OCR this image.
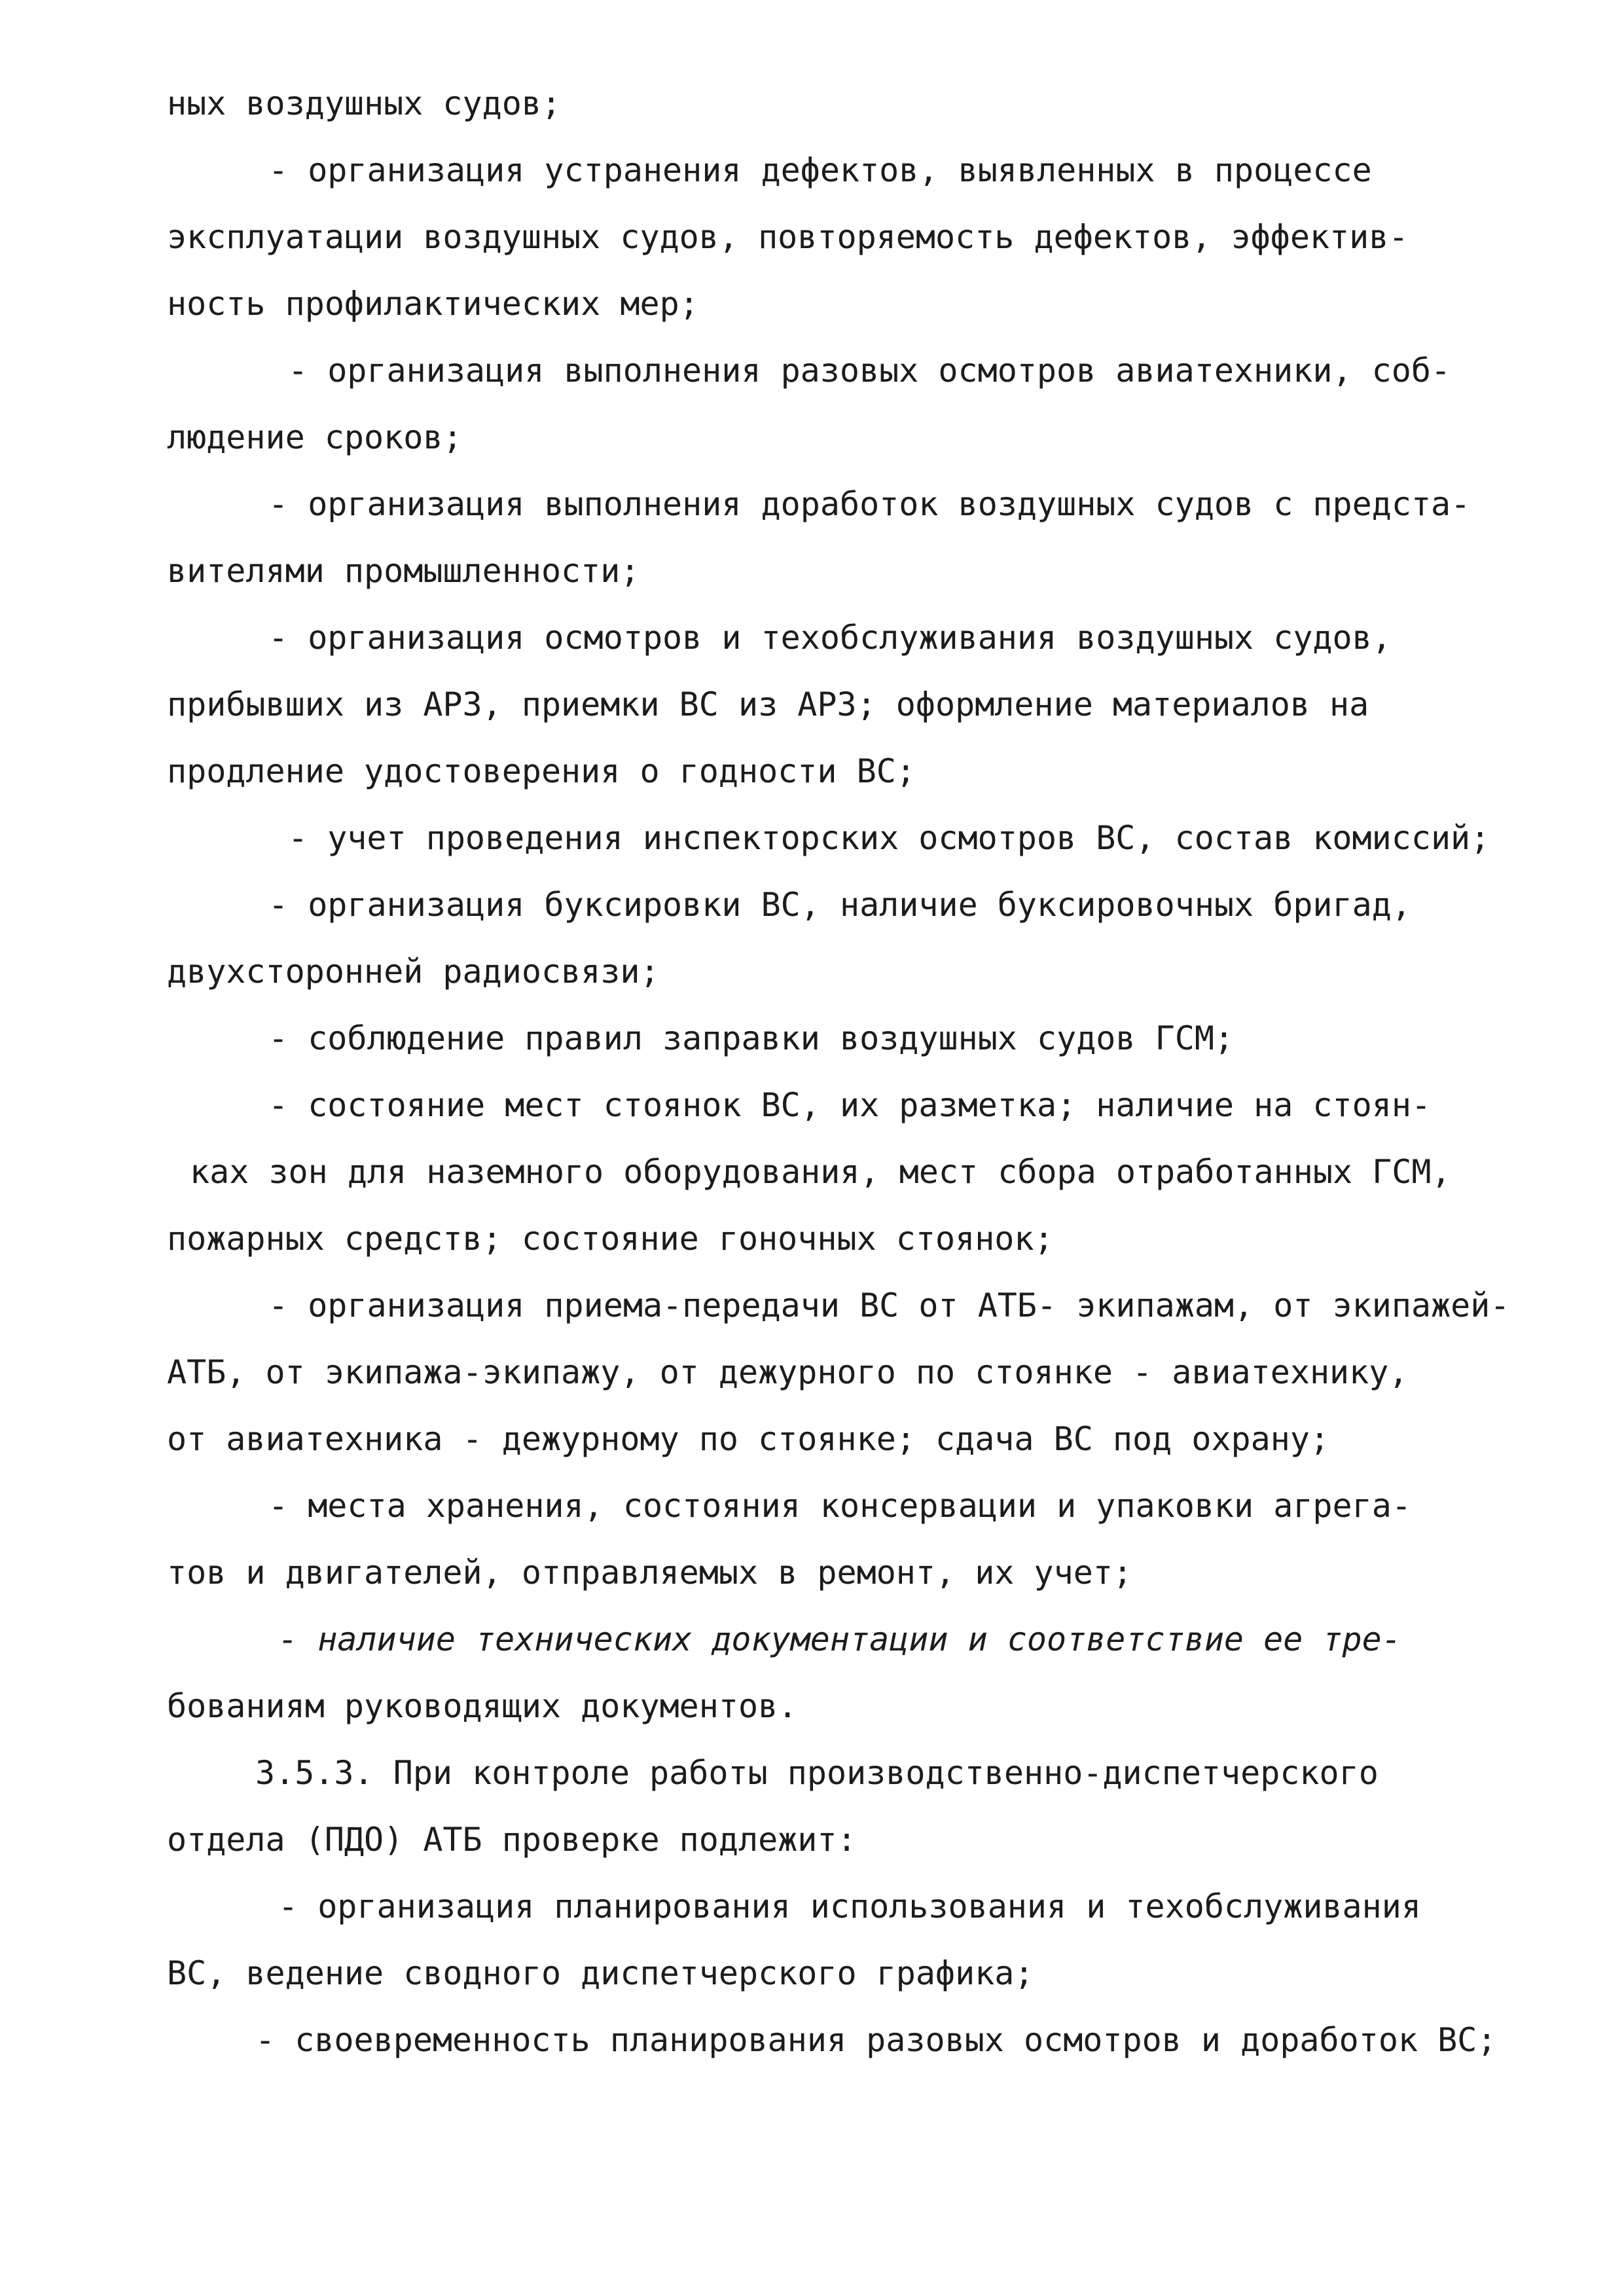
ных воздушных судов;

- организация устранения дефектов, выявленных в процессе

эксплуатации воздушных судов, повторяемость дефектов, эффектив-

ность профилактических мер;

- организация выполнения разовых осмотров авиатехники, соб-

людение сроков;

- организация выполнения доработок воздушных судов с предста-

вителями промышленности;

- организация осмотров и техобслуживания воздушных судов,

прибывших из АРЗ, приемки ВС из АРЗ; оформление материалов на

продление удостоверения о годности ВС;

- учет проведения инспекторских осмотров ВС, состав комиссий;

- организация буксировки ВС, наличие буксировочных бригад,

двухсторонней радиосвязи;

- соблюдение правил заправки воздушных судов ГСМ;

- состояние мест стоянок ВС, их разметка; наличие на стоян-

ках зон для наземного оборудования, мест сбора отработанных ГСМ,

пожарных средств; состояние гоночных стоянок;

- организация приема-передачи ВС от АТБ- экипажам, от экипажей-

АТБ, от экипажа-экипажу, от дежурного по стоянке - авиатехнику,

от авиатехника - дежурному по стоянке; сдача ВС под охрану;

- места хранения, состояния консервации и упаковки агрега-

тов и двигателей, отправляемых в ремонт, их учет;

- наличие технических документации и соответствие ее тре-

бованиям руководящих документов.

3.5.3. При контроле работы производственно-диспетчерского

отдела (ПДО) АТБ проверке подлежит:

- организация планирования использования и техобслуживания

ВС, ведение сводного диспетчерского графика;

- своевременность планирования разовых осмотров и доработок ВС;
